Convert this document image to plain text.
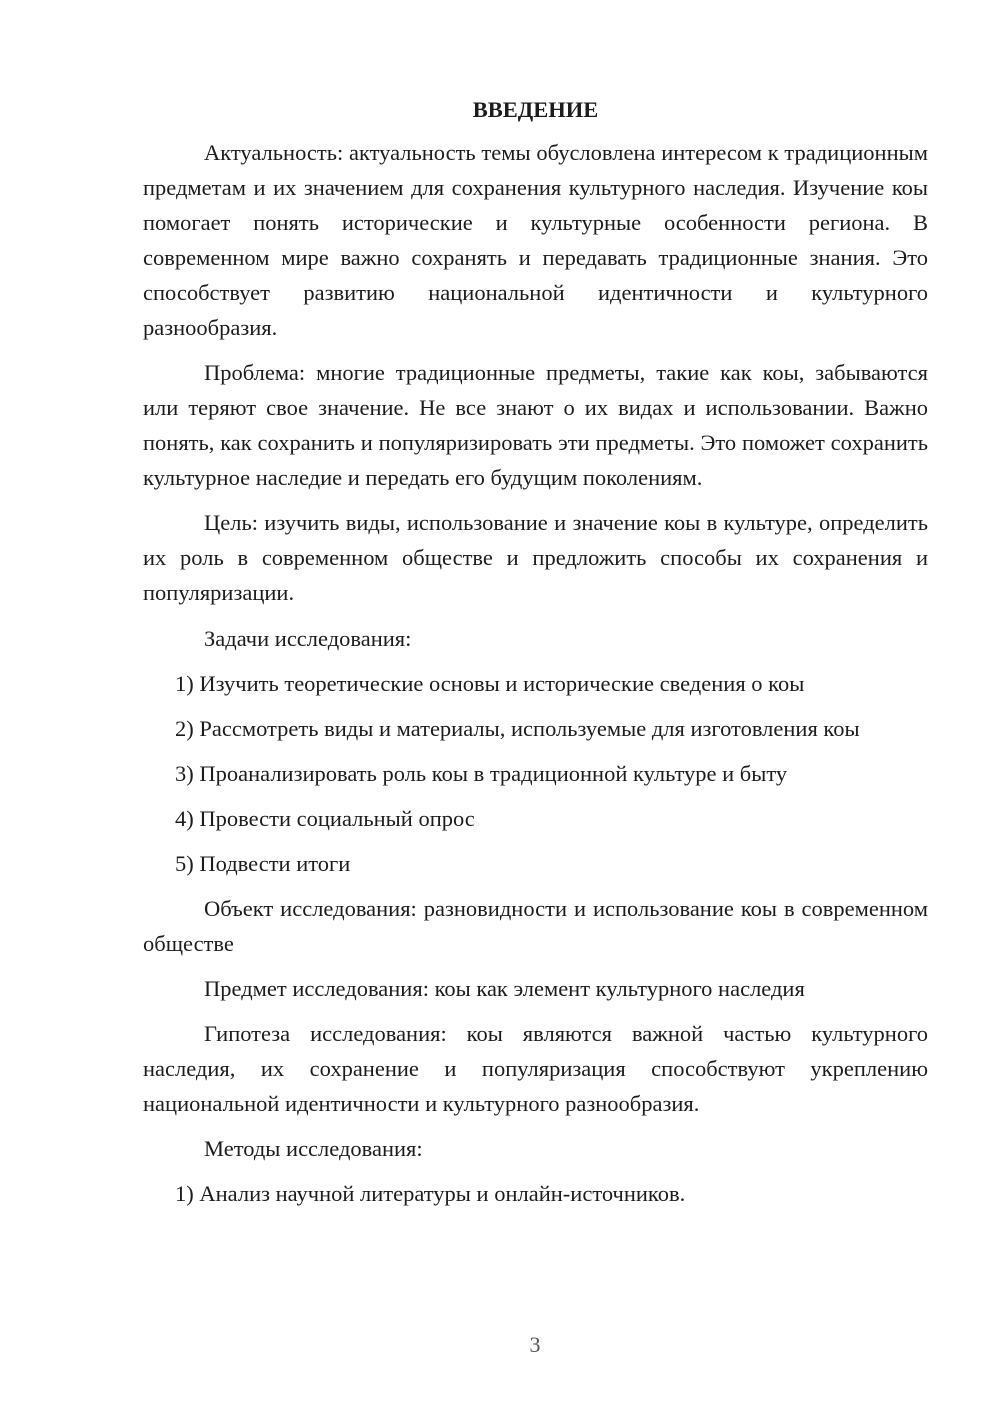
ВВЕДЕНИЕ

Актуальность: актуальность темы обусловлена интересом к традиционным предметам и их значением для сохранения культурного наследия. Изучение коы помогает понять исторические и культурные особенности региона. В современном мире важно сохранять и передавать традиционные знания. Это способствует развитию национальной идентичности и культурного разнообразия.

Проблема: многие традиционные предметы, такие как коы, забываются или теряют свое значение. Не все знают о их видах и использовании. Важно понять, как сохранить и популяризировать эти предметы. Это поможет сохранить культурное наследие и передать его будущим поколениям.

Цель: изучить виды, использование и значение коы в культуре, определить их роль в современном обществе и предложить способы их сохранения и популяризации.

Задачи исследования:

1) Изучить теоретические основы и исторические сведения о коы

2) Рассмотреть виды и материалы, используемые для изготовления коы

3) Проанализировать роль коы в традиционной культуре и быту

4) Провести социальный опрос

5) Подвести итоги

Объект исследования: разновидности и использование коы в современном обществе

Предмет исследования: коы как элемент культурного наследия

Гипотеза исследования: коы являются важной частью культурного наследия, их сохранение и популяризация способствуют укреплению национальной идентичности и культурного разнообразия.

Методы исследования:

1) Анализ научной литературы и онлайн-источников.

3
